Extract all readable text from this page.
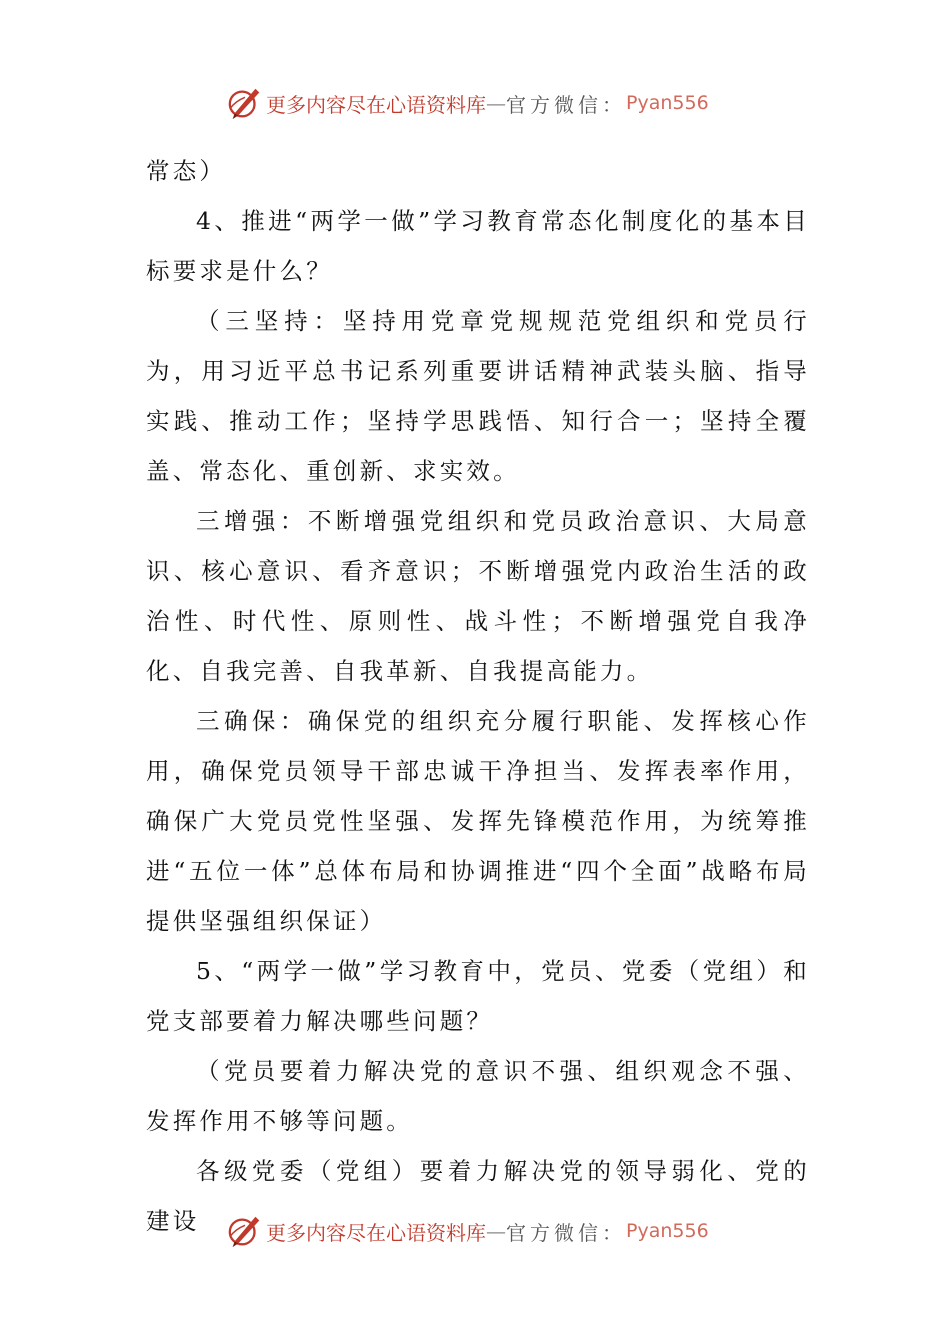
更多内容尽在心语资料库 — 官方微信： Pyan556

常态）

4、推进“两学一做”学习教育常态化制度化的基本目标要求是什么？

（三坚持：坚持用党章党规规范党组织和党员行为，用习近平总书记系列重要讲话精神武装头脑、指导实践、推动工作；坚持学思践悟、知行合一；坚持全覆盖、常态化、重创新、求实效。

三增强：不断增强党组织和党员政治意识、大局意识、核心意识、看齐意识；不断增强党内政治生活的政治性、时代性、原则性、战斗性；不断增强党自我净化、自我完善、自我革新、自我提高能力。

三确保：确保党的组织充分履行职能、发挥核心作用，确保党员领导干部忠诚干净担当、发挥表率作用，确保广大党员党性坚强、发挥先锋模范作用，为统筹推进“五位一体”总体布局和协调推进“四个全面”战略布局提供坚强组织保证）

5、“两学一做”学习教育中，党员、党委（党组）和党支部要着力解决哪些问题？

（党员要着力解决党的意识不强、组织观念不强、发挥作用不够等问题。

各级党委（党组）要着力解决党的领导弱化、党的建设	更多内容尽在心语资料库 — 官方微信： Pyan556
